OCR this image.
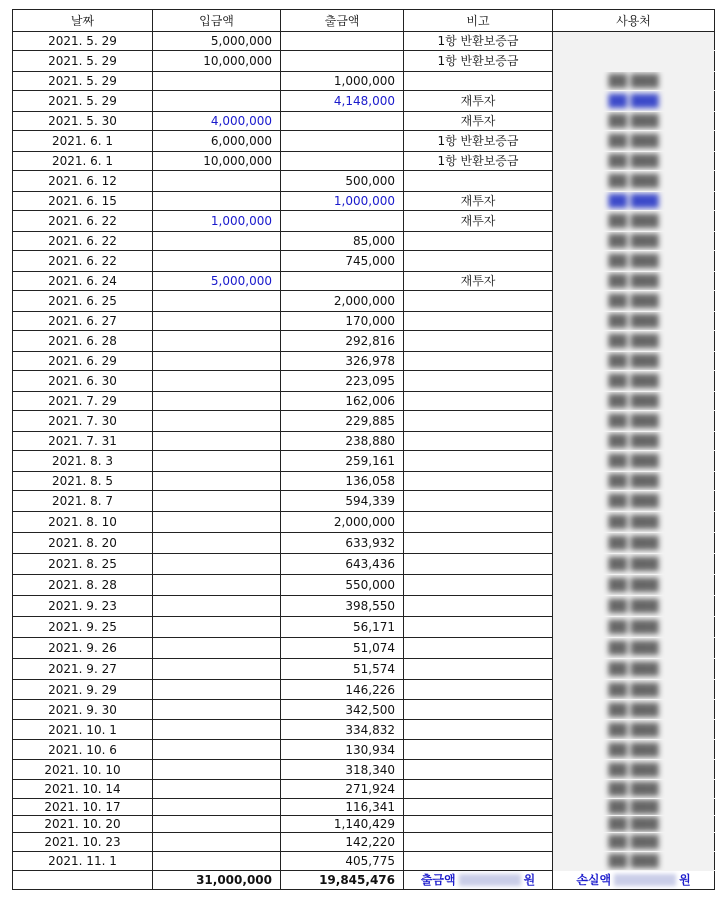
날짜	입금액	출금액	비고	사용처
2021. 5. 29	5,000,000		1항 반환보증금	
2021. 5. 29	10,000,000		1항 반환보증금	
2021. 5. 29		1,000,000		██ ███
2021. 5. 29		4,148,000	재투자	██ ███
2021. 5. 30	4,000,000		재투자	██ ███
2021. 6. 1	6,000,000		1항 반환보증금	██ ███
2021. 6. 1	10,000,000		1항 반환보증금	██ ███
2021. 6. 12		500,000		██ ███
2021. 6. 15		1,000,000	재투자	██ ███
2021. 6. 22	1,000,000		재투자	██ ███
2021. 6. 22		85,000		██ ███
2021. 6. 22		745,000		██ ███
2021. 6. 24	5,000,000		재투자	██ ███
2021. 6. 25		2,000,000		██ ███
2021. 6. 27		170,000		██ ███
2021. 6. 28		292,816		██ ███
2021. 6. 29		326,978		██ ███
2021. 6. 30		223,095		██ ███
2021. 7. 29		162,006		██ ███
2021. 7. 30		229,885		██ ███
2021. 7. 31		238,880		██ ███
2021. 8. 3		259,161		██ ███
2021. 8. 5		136,058		██ ███
2021. 8. 7		594,339		██ ███
2021. 8. 10		2,000,000		██ ███
2021. 8. 20		633,932		██ ███
2021. 8. 25		643,436		██ ███
2021. 8. 28		550,000		██ ███
2021. 9. 23		398,550		██ ███
2021. 9. 25		56,171		██ ███
2021. 9. 26		51,074		██ ███
2021. 9. 27		51,574		██ ███
2021. 9. 29		146,226		██ ███
2021. 9. 30		342,500		██ ███
2021. 10. 1		334,832		██ ███
2021. 10. 6		130,934		██ ███
2021. 10. 10		318,340		██ ███
2021. 10. 14		271,924		██ ███
2021. 10. 17		116,341		██ ███
2021. 10. 20		1,140,429		██ ███
2021. 10. 23		142,220		██ ███
2021. 11. 1		405,775		██ ███
	31,000,000	19,845,476	출금액 원	손실액 원
